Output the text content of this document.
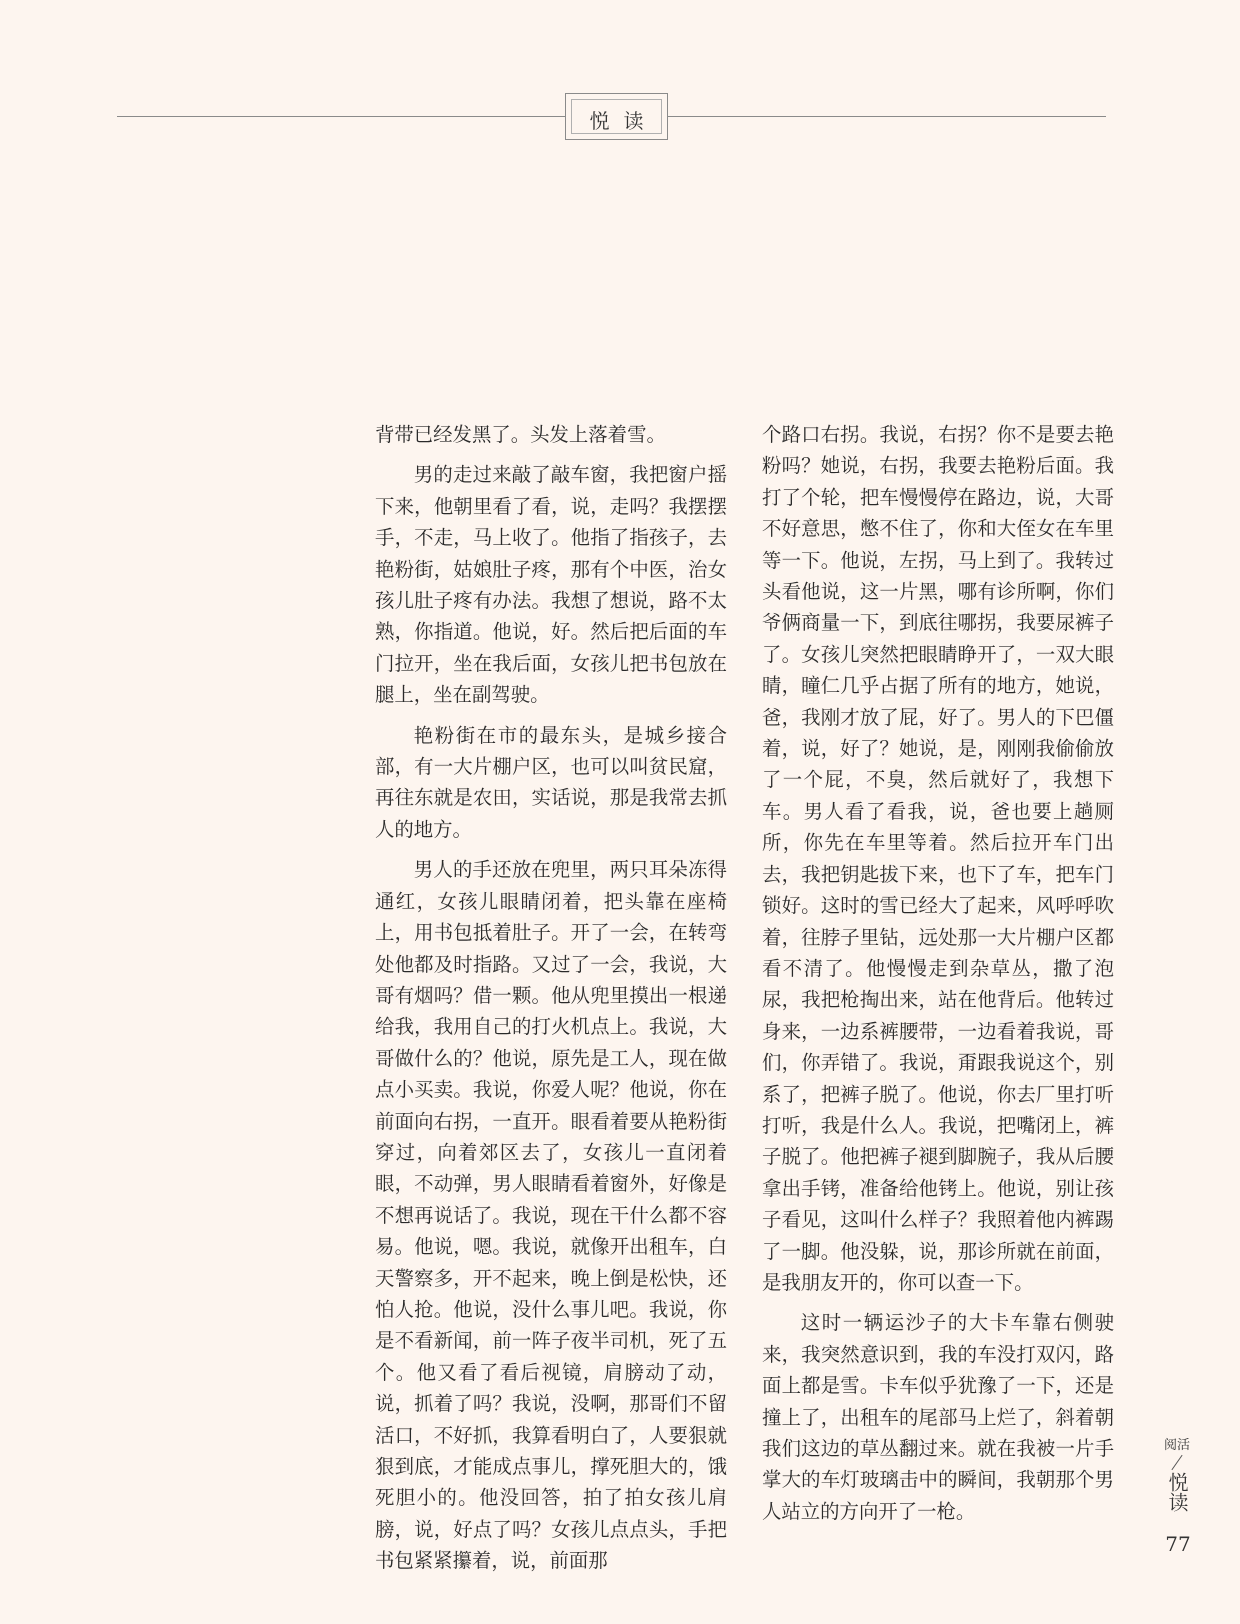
悦读

背带已经发黑了。头发上落着雪。

男的走过来敲了敲车窗，我把窗户摇下来，他朝里看了看，说，走吗？我摆摆手，不走，马上收了。他指了指孩子，去艳粉街，姑娘肚子疼，那有个中医，治女孩儿肚子疼有办法。我想了想说，路不太熟，你指道。他说，好。然后把后面的车门拉开，坐在我后面，女孩儿把书包放在腿上，坐在副驾驶。

艳粉街在市的最东头，是城乡接合部，有一大片棚户区，也可以叫贫民窟，再往东就是农田，实话说，那是我常去抓人的地方。

男人的手还放在兜里，两只耳朵冻得通红，女孩儿眼睛闭着，把头靠在座椅上，用书包抵着肚子。开了一会，在转弯处他都及时指路。又过了一会，我说，大哥有烟吗？借一颗。他从兜里摸出一根递给我，我用自己的打火机点上。我说，大哥做什么的？他说，原先是工人，现在做点小买卖。我说，你爱人呢？他说，你在前面向右拐，一直开。眼看着要从艳粉街穿过，向着郊区去了，女孩儿一直闭着眼，不动弹，男人眼睛看着窗外，好像是不想再说话了。我说，现在干什么都不容易。他说，嗯。我说，就像开出租车，白天警察多，开不起来，晚上倒是松快，还怕人抢。他说，没什么事儿吧。我说，你是不看新闻，前一阵子夜半司机，死了五个。他又看了看后视镜，肩膀动了动，说，抓着了吗？我说，没啊，那哥们不留活口，不好抓，我算看明白了，人要狠就狠到底，才能成点事儿，撑死胆大的，饿死胆小的。他没回答，拍了拍女孩儿肩膀，说，好点了吗？女孩儿点点头，手把书包紧紧攥着，说，前面那

个路口右拐。我说，右拐？你不是要去艳粉吗？她说，右拐，我要去艳粉后面。我打了个轮，把车慢慢停在路边，说，大哥不好意思，憋不住了，你和大侄女在车里等一下。他说，左拐，马上到了。我转过头看他说，这一片黑，哪有诊所啊，你们爷俩商量一下，到底往哪拐，我要尿裤子了。女孩儿突然把眼睛睁开了，一双大眼睛，瞳仁几乎占据了所有的地方，她说，爸，我刚才放了屁，好了。男人的下巴僵着，说，好了？她说，是，刚刚我偷偷放了一个屁，不臭，然后就好了，我想下车。男人看了看我，说，爸也要上趟厕所，你先在车里等着。然后拉开车门出去，我把钥匙拔下来，也下了车，把车门锁好。这时的雪已经大了起来，风呼呼吹着，往脖子里钻，远处那一大片棚户区都看不清了。他慢慢走到杂草丛，撒了泡尿，我把枪掏出来，站在他背后。他转过身来，一边系裤腰带，一边看着我说，哥们，你弄错了。我说，甭跟我说这个，别系了，把裤子脱了。他说，你去厂里打听打听，我是什么人。我说，把嘴闭上，裤子脱了。他把裤子褪到脚腕子，我从后腰拿出手铐，准备给他铐上。他说，别让孩子看见，这叫什么样子？我照着他内裤踢了一脚。他没躲，说，那诊所就在前面，是我朋友开的，你可以查一下。

这时一辆运沙子的大卡车靠右侧驶来，我突然意识到，我的车没打双闪，路面上都是雪。卡车似乎犹豫了一下，还是撞上了，出租车的尾部马上烂了，斜着朝我们这边的草丛翻过来。就在我被一片手掌大的车灯玻璃击中的瞬间，我朝那个男人站立的方向开了一枪。

阅活
悦读
77
